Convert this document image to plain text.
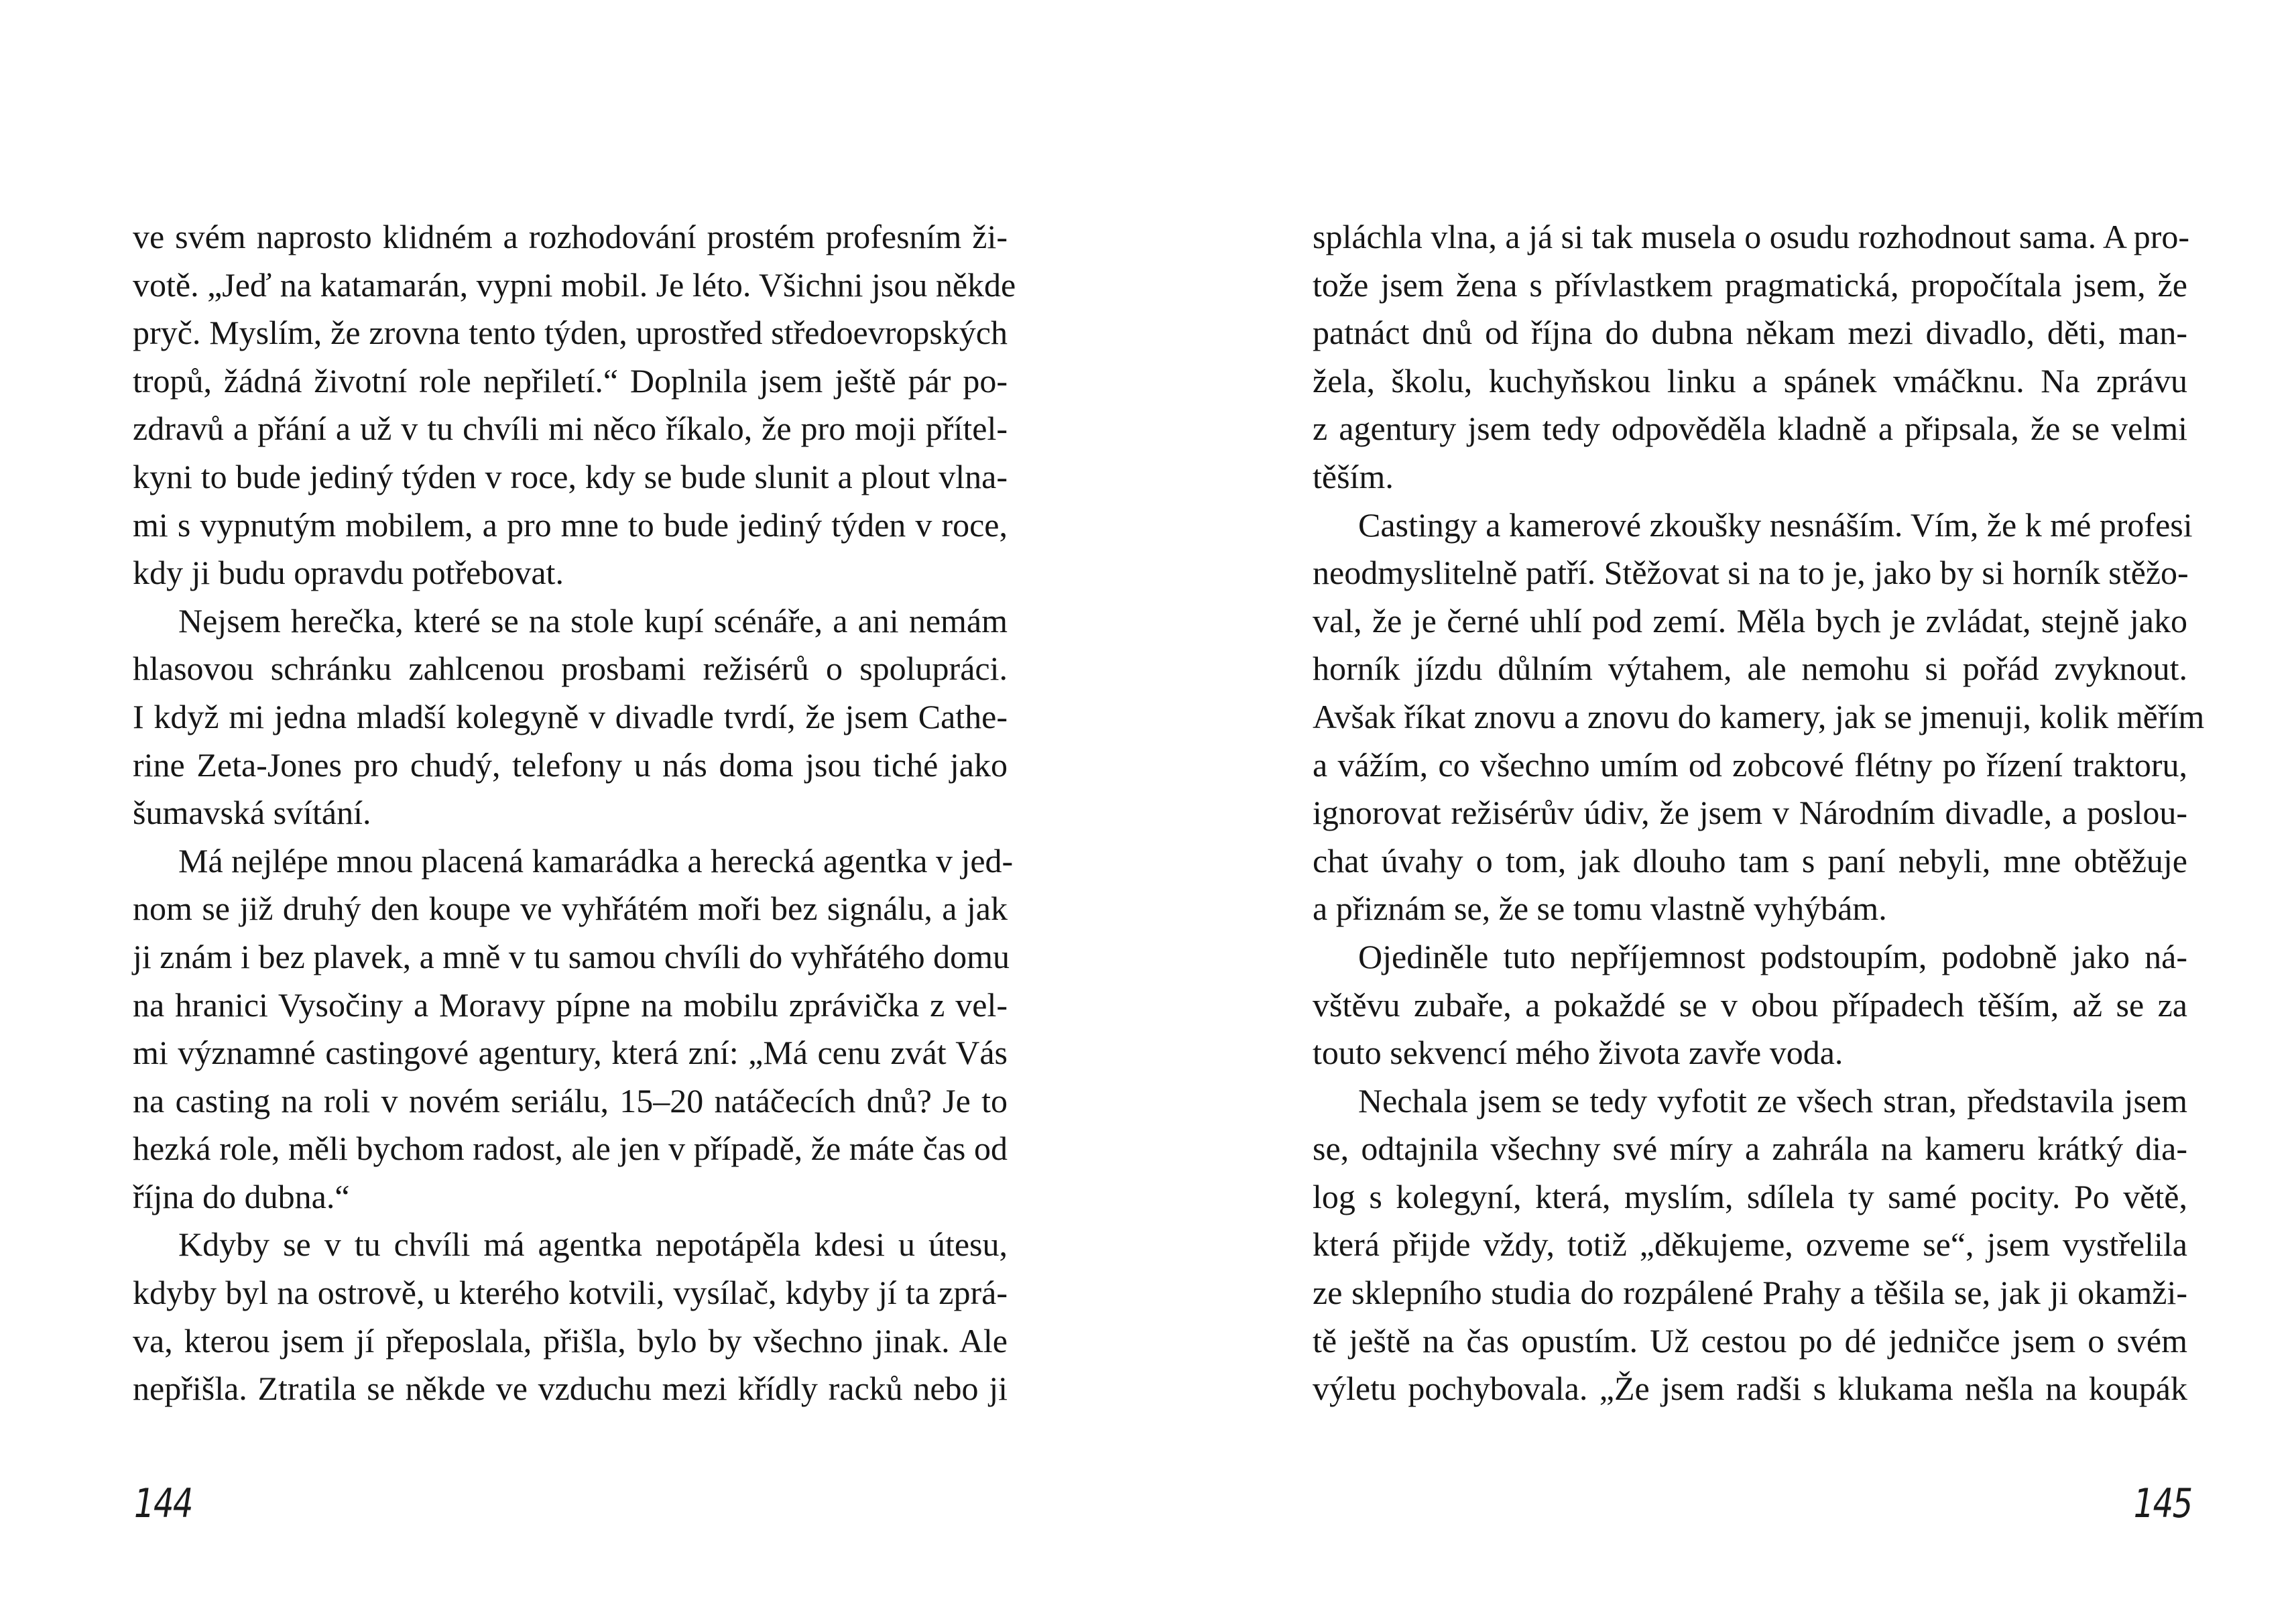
ve svém naprosto klidném a rozhodování prostém profesním ži-
votě. „Jeď na katamarán, vypni mobil. Je léto. Všichni jsou někde
pryč. Myslím, že zrovna tento týden, uprostřed středoevropských
tropů, žádná životní role nepřiletí.“ Doplnila jsem ještě pár po-
zdravů a přání a už v tu chvíli mi něco říkalo, že pro moji přítel-
kyni to bude jediný týden v roce, kdy se bude slunit a plout vlna-
mi s vypnutým mobilem, a pro mne to bude jediný týden v roce,
kdy ji budu opravdu potřebovat.
Nejsem herečka, které se na stole kupí scénáře, a ani nemám
hlasovou schránku zahlcenou prosbami režisérů o spolupráci.
I když mi jedna mladší kolegyně v divadle tvrdí, že jsem Cathe-
rine Zeta-Jones pro chudý, telefony u nás doma jsou tiché jako
šumavská svítání.
Má nejlépe mnou placená kamarádka a herecká agentka v jed-
nom se již druhý den koupe ve vyhřátém moři bez signálu, a jak
ji znám i bez plavek, a mně v tu samou chvíli do vyhřátého domu
na hranici Vysočiny a Moravy pípne na mobilu zprávička z vel-
mi významné castingové agentury, která zní: „Má cenu zvát Vás
na casting na roli v novém seriálu, 15–20 natáčecích dnů? Je to
hezká role, měli bychom radost, ale jen v případě, že máte čas od
října do dubna.“
Kdyby se v tu chvíli má agentka nepotápěla kdesi u útesu,
kdyby byl na ostrově, u kterého kotvili, vysílač, kdyby jí ta zprá-
va, kterou jsem jí přeposlala, přišla, bylo by všechno jinak. Ale
nepřišla. Ztratila se někde ve vzduchu mezi křídly racků nebo ji
144
spláchla vlna, a já si tak musela o osudu rozhodnout sama. A pro-
tože jsem žena s přívlastkem pragmatická, propočítala jsem, že
patnáct dnů od října do dubna někam mezi divadlo, děti, man-
žela, školu, kuchyňskou linku a spánek vmáčknu. Na zprávu
z agentury jsem tedy odpověděla kladně a připsala, že se velmi
těším.
Castingy a kamerové zkoušky nesnáším. Vím, že k mé profesi
neodmyslitelně patří. Stěžovat si na to je, jako by si horník stěžo-
val, že je černé uhlí pod zemí. Měla bych je zvládat, stejně jako
horník jízdu důlním výtahem, ale nemohu si pořád zvyknout.
Avšak říkat znovu a znovu do kamery, jak se jmenuji, kolik měřím
a vážím, co všechno umím od zobcové flétny po řízení traktoru,
ignorovat režisérův údiv, že jsem v Národním divadle, a poslou-
chat úvahy o tom, jak dlouho tam s paní nebyli, mne obtěžuje
a přiznám se, že se tomu vlastně vyhýbám.
Ojediněle tuto nepříjemnost podstoupím, podobně jako ná-
vštěvu zubaře, a pokaždé se v obou případech těším, až se za
touto sekvencí mého života zavře voda.
Nechala jsem se tedy vyfotit ze všech stran, představila jsem
se, odtajnila všechny své míry a zahrála na kameru krátký dia-
log s kolegyní, která, myslím, sdílela ty samé pocity. Po větě,
která přijde vždy, totiž „děkujeme, ozveme se“, jsem vystřelila
ze sklepního studia do rozpálené Prahy a těšila se, jak ji okamži-
tě ještě na čas opustím. Už cestou po dé jedničce jsem o svém
výletu pochybovala. „Že jsem radši s klukama nešla na koupák
145
